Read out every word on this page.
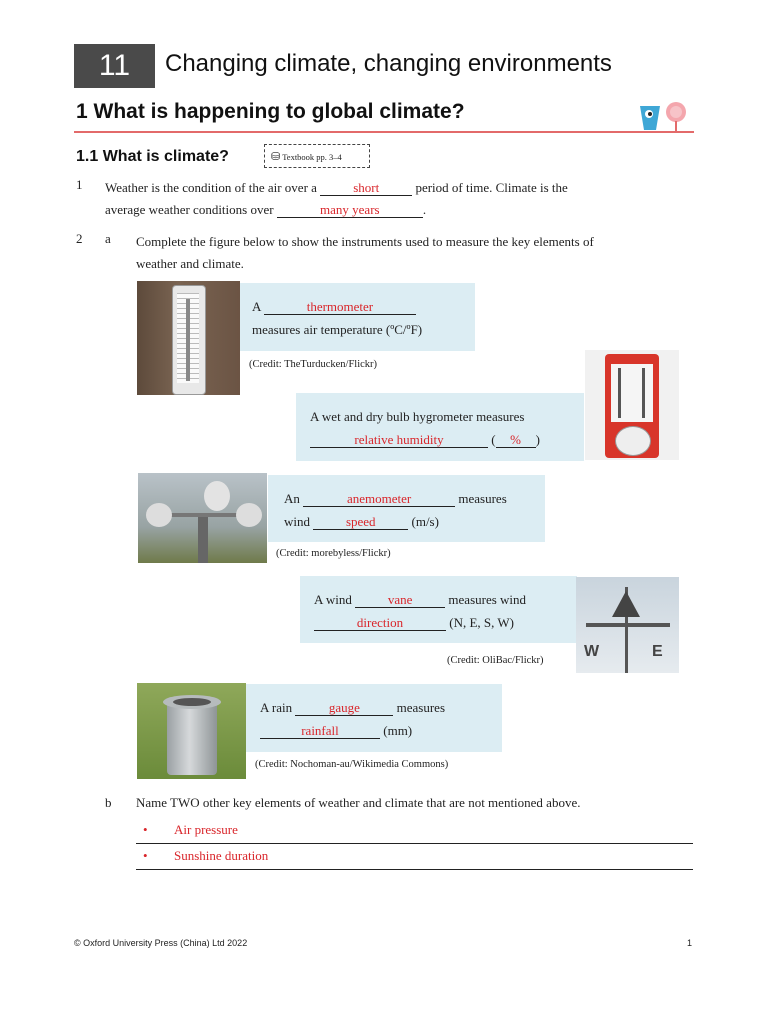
11	Changing climate, changing environments
1 What is happening to global climate?
1.1 What is climate?	⛁ Textbook pp. 3–4
1 Weather is the condition of the air over a	short	period of time. Climate is the
average weather conditions over	many years	.
2 a Complete the figure below to show the instruments used to measure the key elements of
weather and climate.
A	thermometer
measures air temperature (ºC/ºF)
(Credit: TheTurducken/Flickr)
A wet and dry bulb hygrometer measures
relative humidity	( % )
An	anemometer	measures
wind	speed	(m/s)
(Credit: morebyless/Flickr)
A wind	vane	measures wind
direction	(N, E, S, W)
W	E
(Credit: OliBac/Flickr)
A rain	gauge	measures
rainfall	(mm)
(Credit: Nochoman-au/Wikimedia Commons)
b Name TWO other key elements of weather and climate that are not mentioned above.
• Air pressure
• Sunshine duration
© Oxford University Press (China) Ltd 2022	1
